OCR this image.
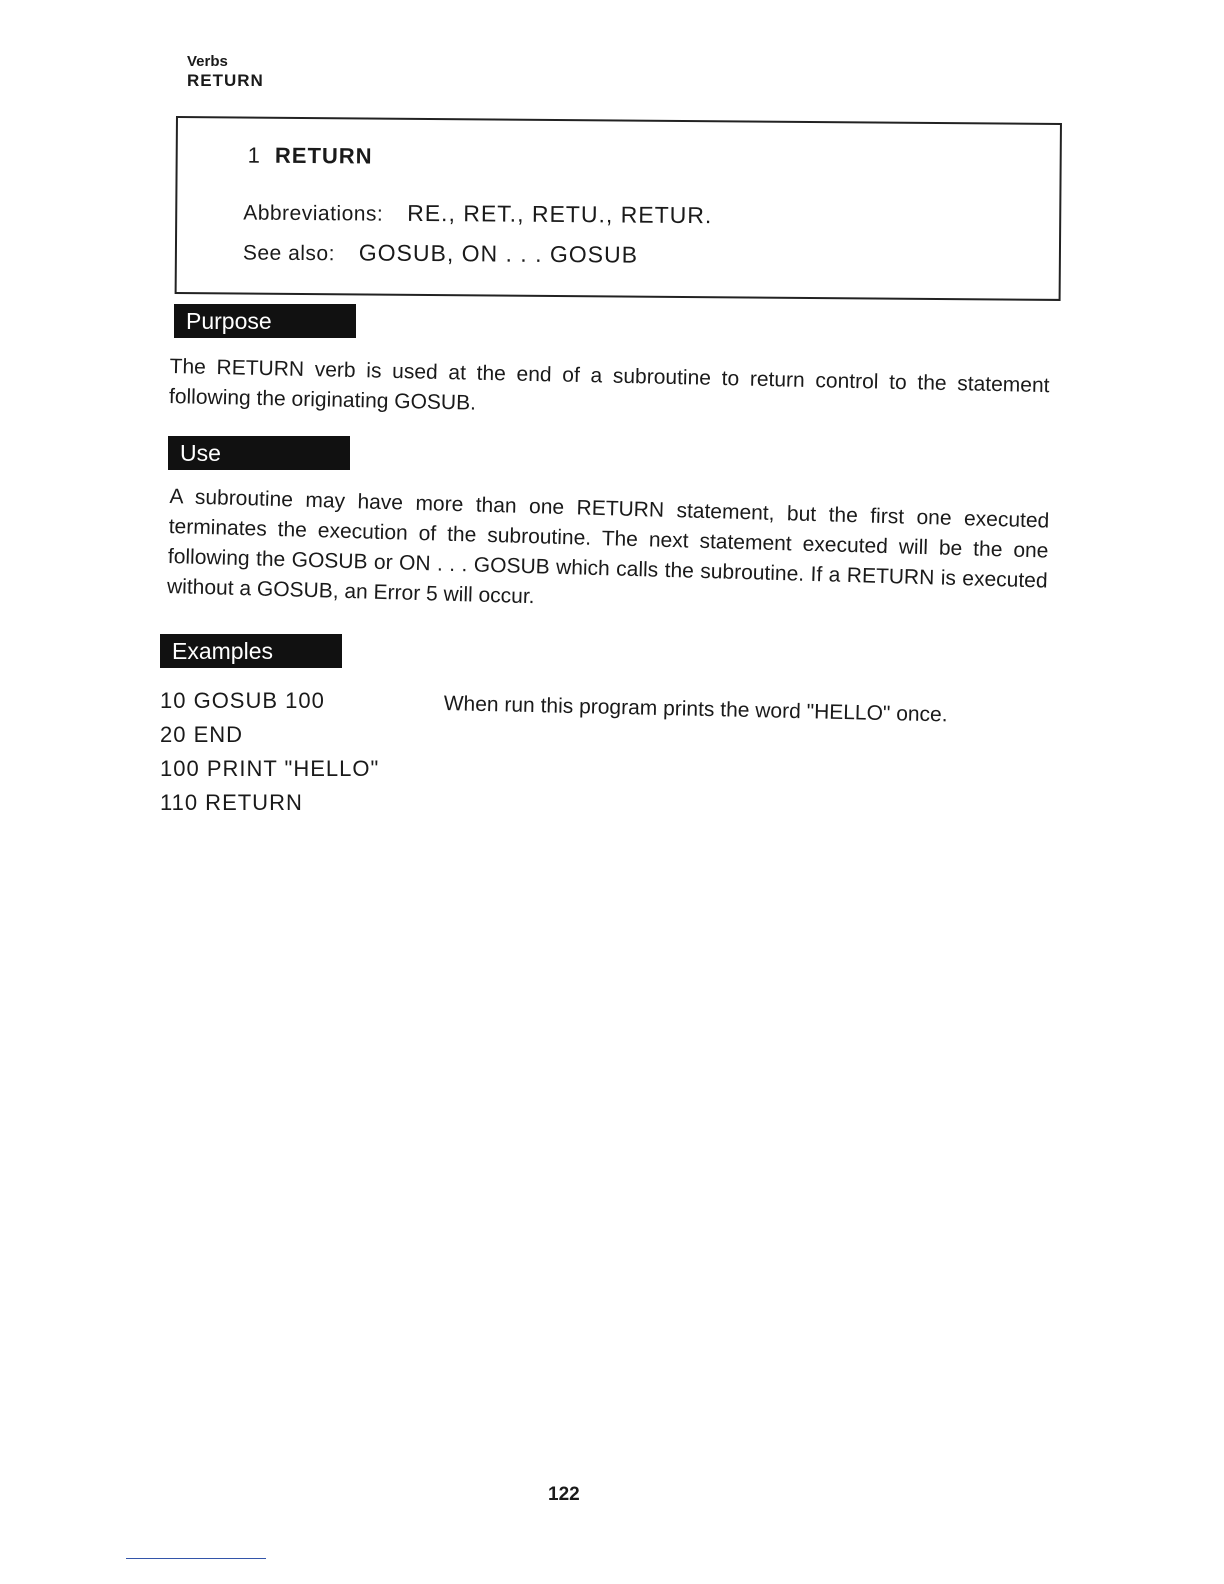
Verbs
RETURN
1 RETURN
Abbreviations: RE., RET., RETU., RETUR.
See also: GOSUB, ON . . . GOSUB
Purpose
The RETURN verb is used at the end of a subroutine to return control to the statement following the originating GOSUB.
Use
A subroutine may have more than one RETURN statement, but the first one executed terminates the execution of the subroutine. The next statement executed will be the one following the GOSUB or ON . . . GOSUB which calls the subroutine. If a RETURN is executed without a GOSUB, an Error 5 will occur.
Examples
10 GOSUB 100
20 END
100 PRINT "HELLO"
110 RETURN
When run this program prints the word "HELLO" once.
122
